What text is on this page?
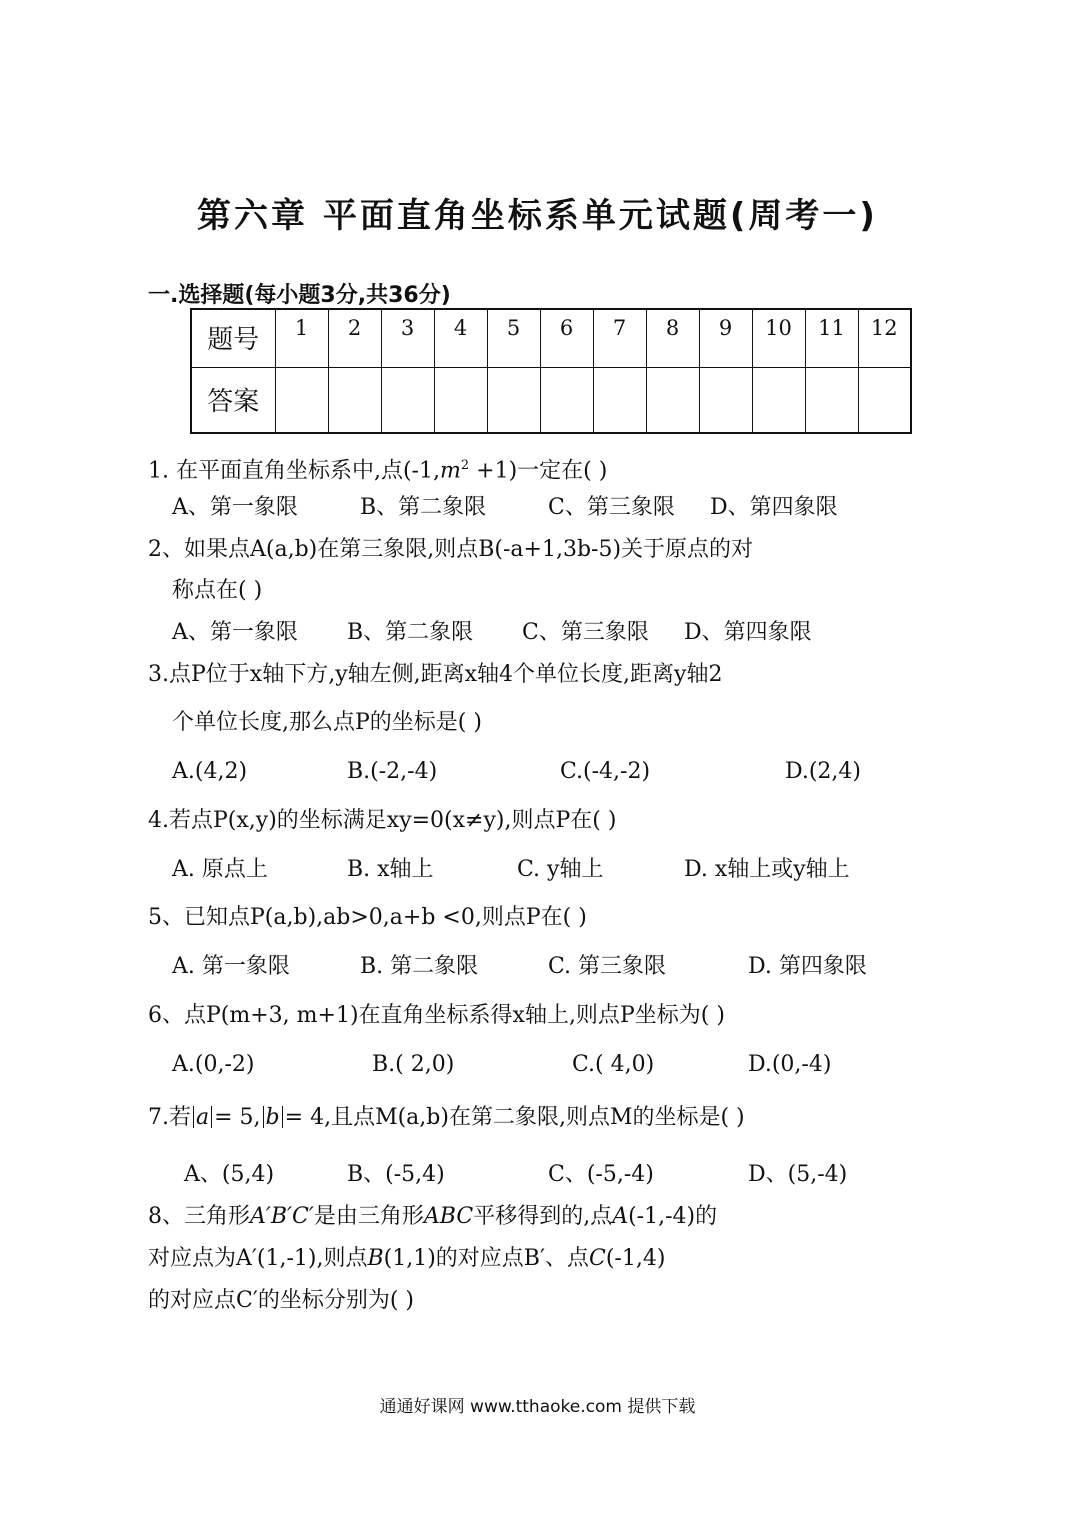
第六章 平面直角坐标系单元试题(周考一)

一.选择题(每小题3分,共36分)

题号	1	2	3	4	5	6	7	8	9	10	11	12
答案												

1. 在平面直角坐标系中,点$(-1,m^2 +1)$一定在( )

A、第一象限	B、第二象限	C、第三象限 D、第四象限

2、如果点A(a,b)在第三象限,则点B(-a+1,3b-5)关于原点的对

称点在( )

A、第一象限 B、第二象限 C、第三象限 D、第四象限

3.点P位于x轴下方,y轴左侧,距离x轴4个单位长度,距离y轴2

个单位长度,那么点P的坐标是( )

A.(4,2)	B.(-2,-4)	C.(-4,-2)	D.(2,4)

4.若点P(x,y)的坐标满足xy=0(x≠y),则点P在( )

A. 原点上	B. x轴上	C. y轴上	D. x轴上或y轴上

5、已知点P(a,b),ab>0,a+b <0,则点P在( )

A. 第一象限	B. 第二象限	C. 第三象限	D. 第四象限

6、点P(m+3, m+1)在直角坐标系得x轴上,则点P坐标为( )

A.(0,-2)	B.( 2,0)	C.( 4,0)	D.(0,-4)

7.若 a = 5, b = 4,且点M(a,b)在第二象限,则点M的坐标是( )

A、(5,4)	B、(-5,4)	C、(-5,-4)	D、(5,-4)

8、三角形A′B′C′是由三角形ABC平移得到的,点A(-1,-4)的

对应点为A′(1,-1),则点B(1,1)的对应点B′、点C(-1,4)

的对应点C′的坐标分别为( )

通通好课网 www.tthaoke.com 提供下载
